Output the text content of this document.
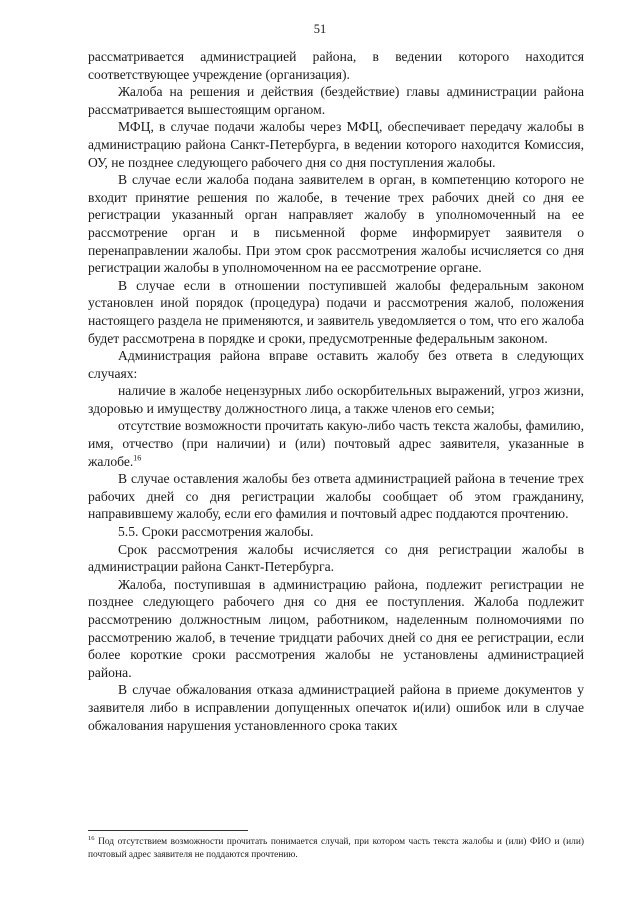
51

рассматривается администрацией района, в ведении которого находится соответствующее учреждение (организация).

Жалоба на решения и действия (бездействие) главы администрации района рассматривается вышестоящим органом.

МФЦ, в случае подачи жалобы через МФЦ, обеспечивает передачу жалобы в администрацию района Санкт-Петербурга, в ведении которого находится Комиссия, ОУ, не позднее следующего рабочего дня со дня поступления жалобы.

В случае если жалоба подана заявителем в орган, в компетенцию которого не входит принятие решения по жалобе, в течение трех рабочих дней со дня ее регистрации указанный орган направляет жалобу в уполномоченный на ее рассмотрение орган и в письменной форме информирует заявителя о перенаправлении жалобы. При этом срок рассмотрения жалобы исчисляется со дня регистрации жалобы в уполномоченном на ее рассмотрение органе.

В случае если в отношении поступившей жалобы федеральным законом установлен иной порядок (процедура) подачи и рассмотрения жалоб, положения настоящего раздела не применяются, и заявитель уведомляется о том, что его жалоба будет рассмотрена в порядке и сроки, предусмотренные федеральным законом.

Администрация района вправе оставить жалобу без ответа в следующих случаях:

наличие в жалобе нецензурных либо оскорбительных выражений, угроз жизни, здоровью и имуществу должностного лица, а также членов его семьи;

отсутствие возможности прочитать какую-либо часть текста жалобы, фамилию, имя, отчество (при наличии) и (или) почтовый адрес заявителя, указанные в жалобе.$^{16}$

В случае оставления жалобы без ответа администрацией района в течение трех рабочих дней со дня регистрации жалобы сообщает об этом гражданину, направившему жалобу, если его фамилия и почтовый адрес поддаются прочтению.

5.5. Сроки рассмотрения жалобы.

Срок рассмотрения жалобы исчисляется со дня регистрации жалобы в администрации района Санкт-Петербурга.

Жалоба, поступившая в администрацию района, подлежит регистрации не позднее следующего рабочего дня со дня ее поступления. Жалоба подлежит рассмотрению должностным лицом, работником, наделенным полномочиями по рассмотрению жалоб, в течение тридцати рабочих дней со дня ее регистрации, если более короткие сроки рассмотрения жалобы не установлены администрацией района.

В случае обжалования отказа администрацией района в приеме документов у заявителя либо в исправлении допущенных опечаток и(или) ошибок или в случае обжалования нарушения установленного срока таких

$^{16}$ Под отсутствием возможности прочитать понимается случай, при котором часть текста жалобы и (или) ФИО и (или) почтовый адрес заявителя не поддаются прочтению.
